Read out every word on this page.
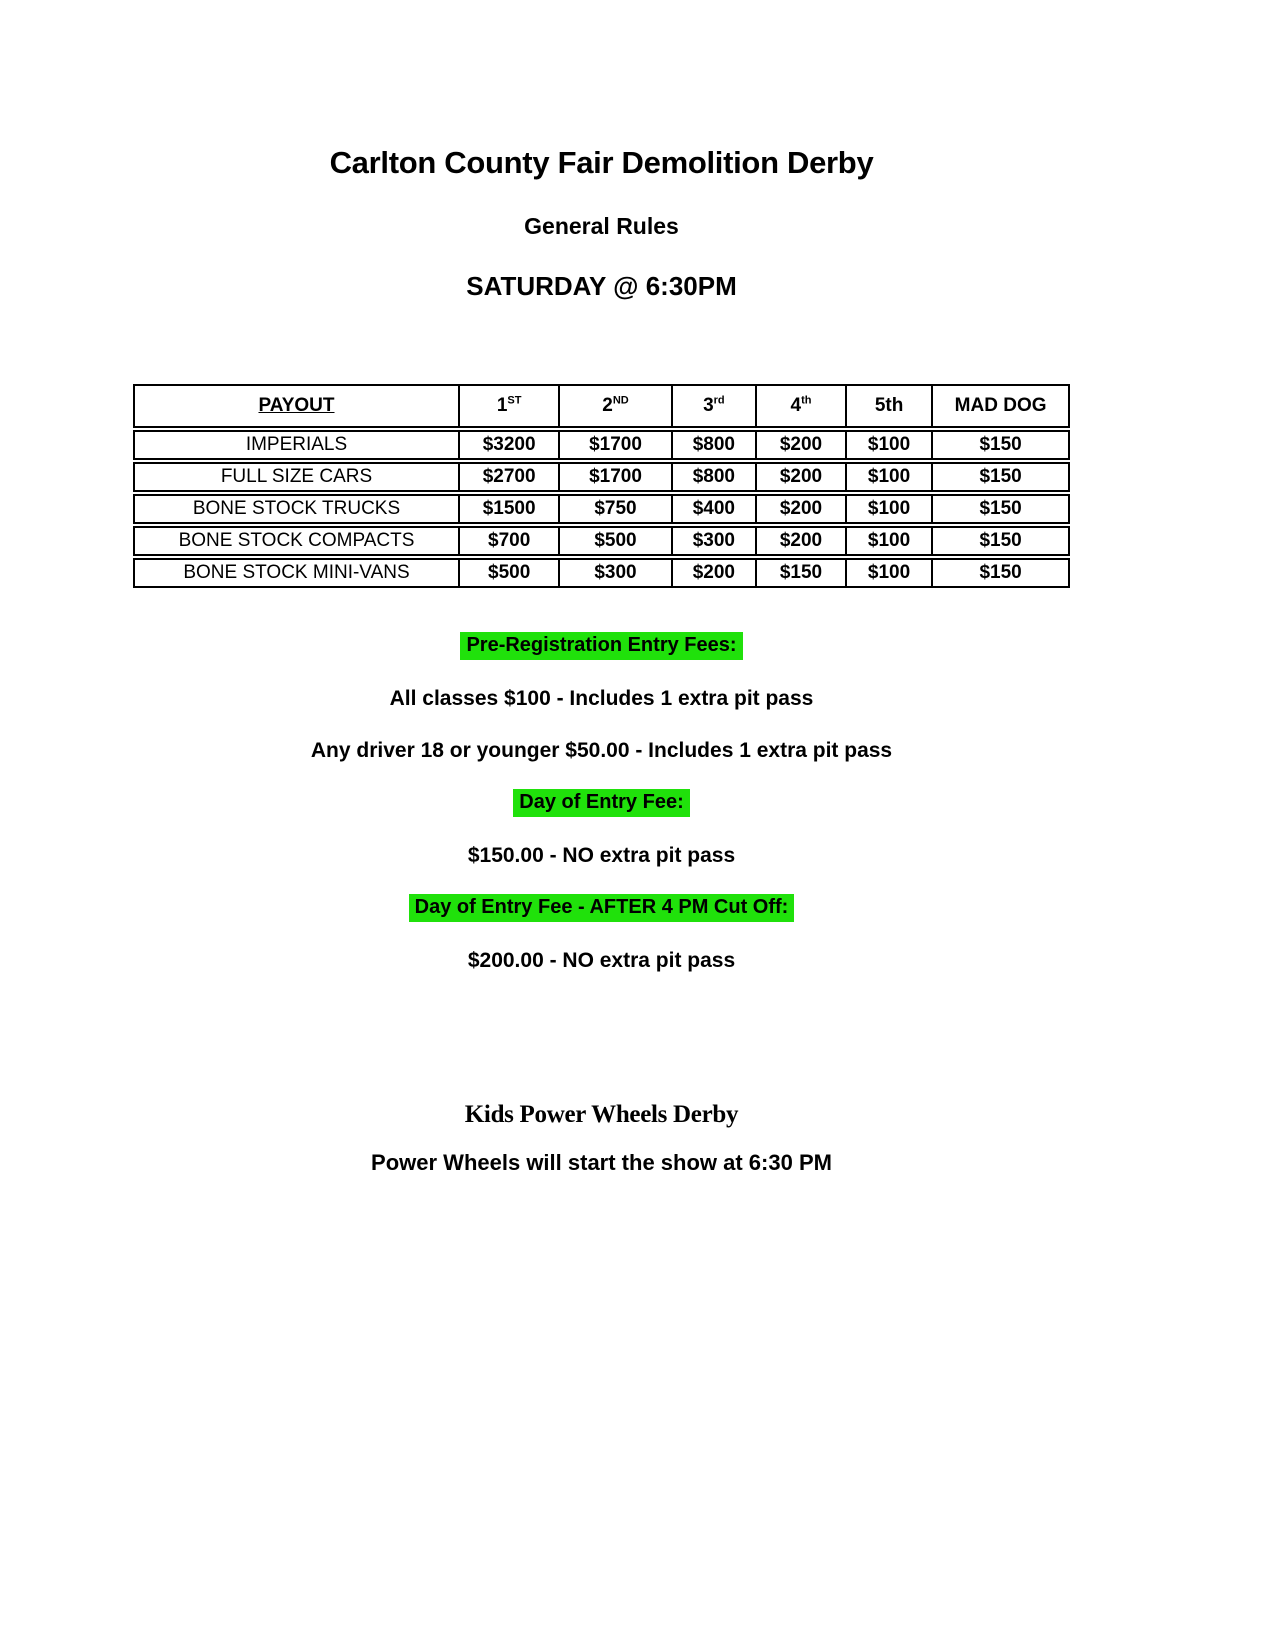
Carlton County Fair Demolition Derby
General Rules
SATURDAY @ 6:30PM
PAYOUT	1ST	2ND	3rd	4th	5th	MAD DOG
IMPERIALS	$3200	$1700	$800	$200	$100	$150
FULL SIZE CARS	$2700	$1700	$800	$200	$100	$150
BONE STOCK TRUCKS	$1500	$750	$400	$200	$100	$150
BONE STOCK COMPACTS	$700	$500	$300	$200	$100	$150
BONE STOCK MINI-VANS	$500	$300	$200	$150	$100	$150
Pre-Registration Entry Fees:
All classes $100 - Includes 1 extra pit pass
Any driver 18 or younger $50.00 - Includes 1 extra pit pass
Day of Entry Fee:
$150.00 - NO extra pit pass
Day of Entry Fee - AFTER 4 PM Cut Off:
$200.00 - NO extra pit pass
Kids Power Wheels Derby
Power Wheels will start the show at 6:30 PM
